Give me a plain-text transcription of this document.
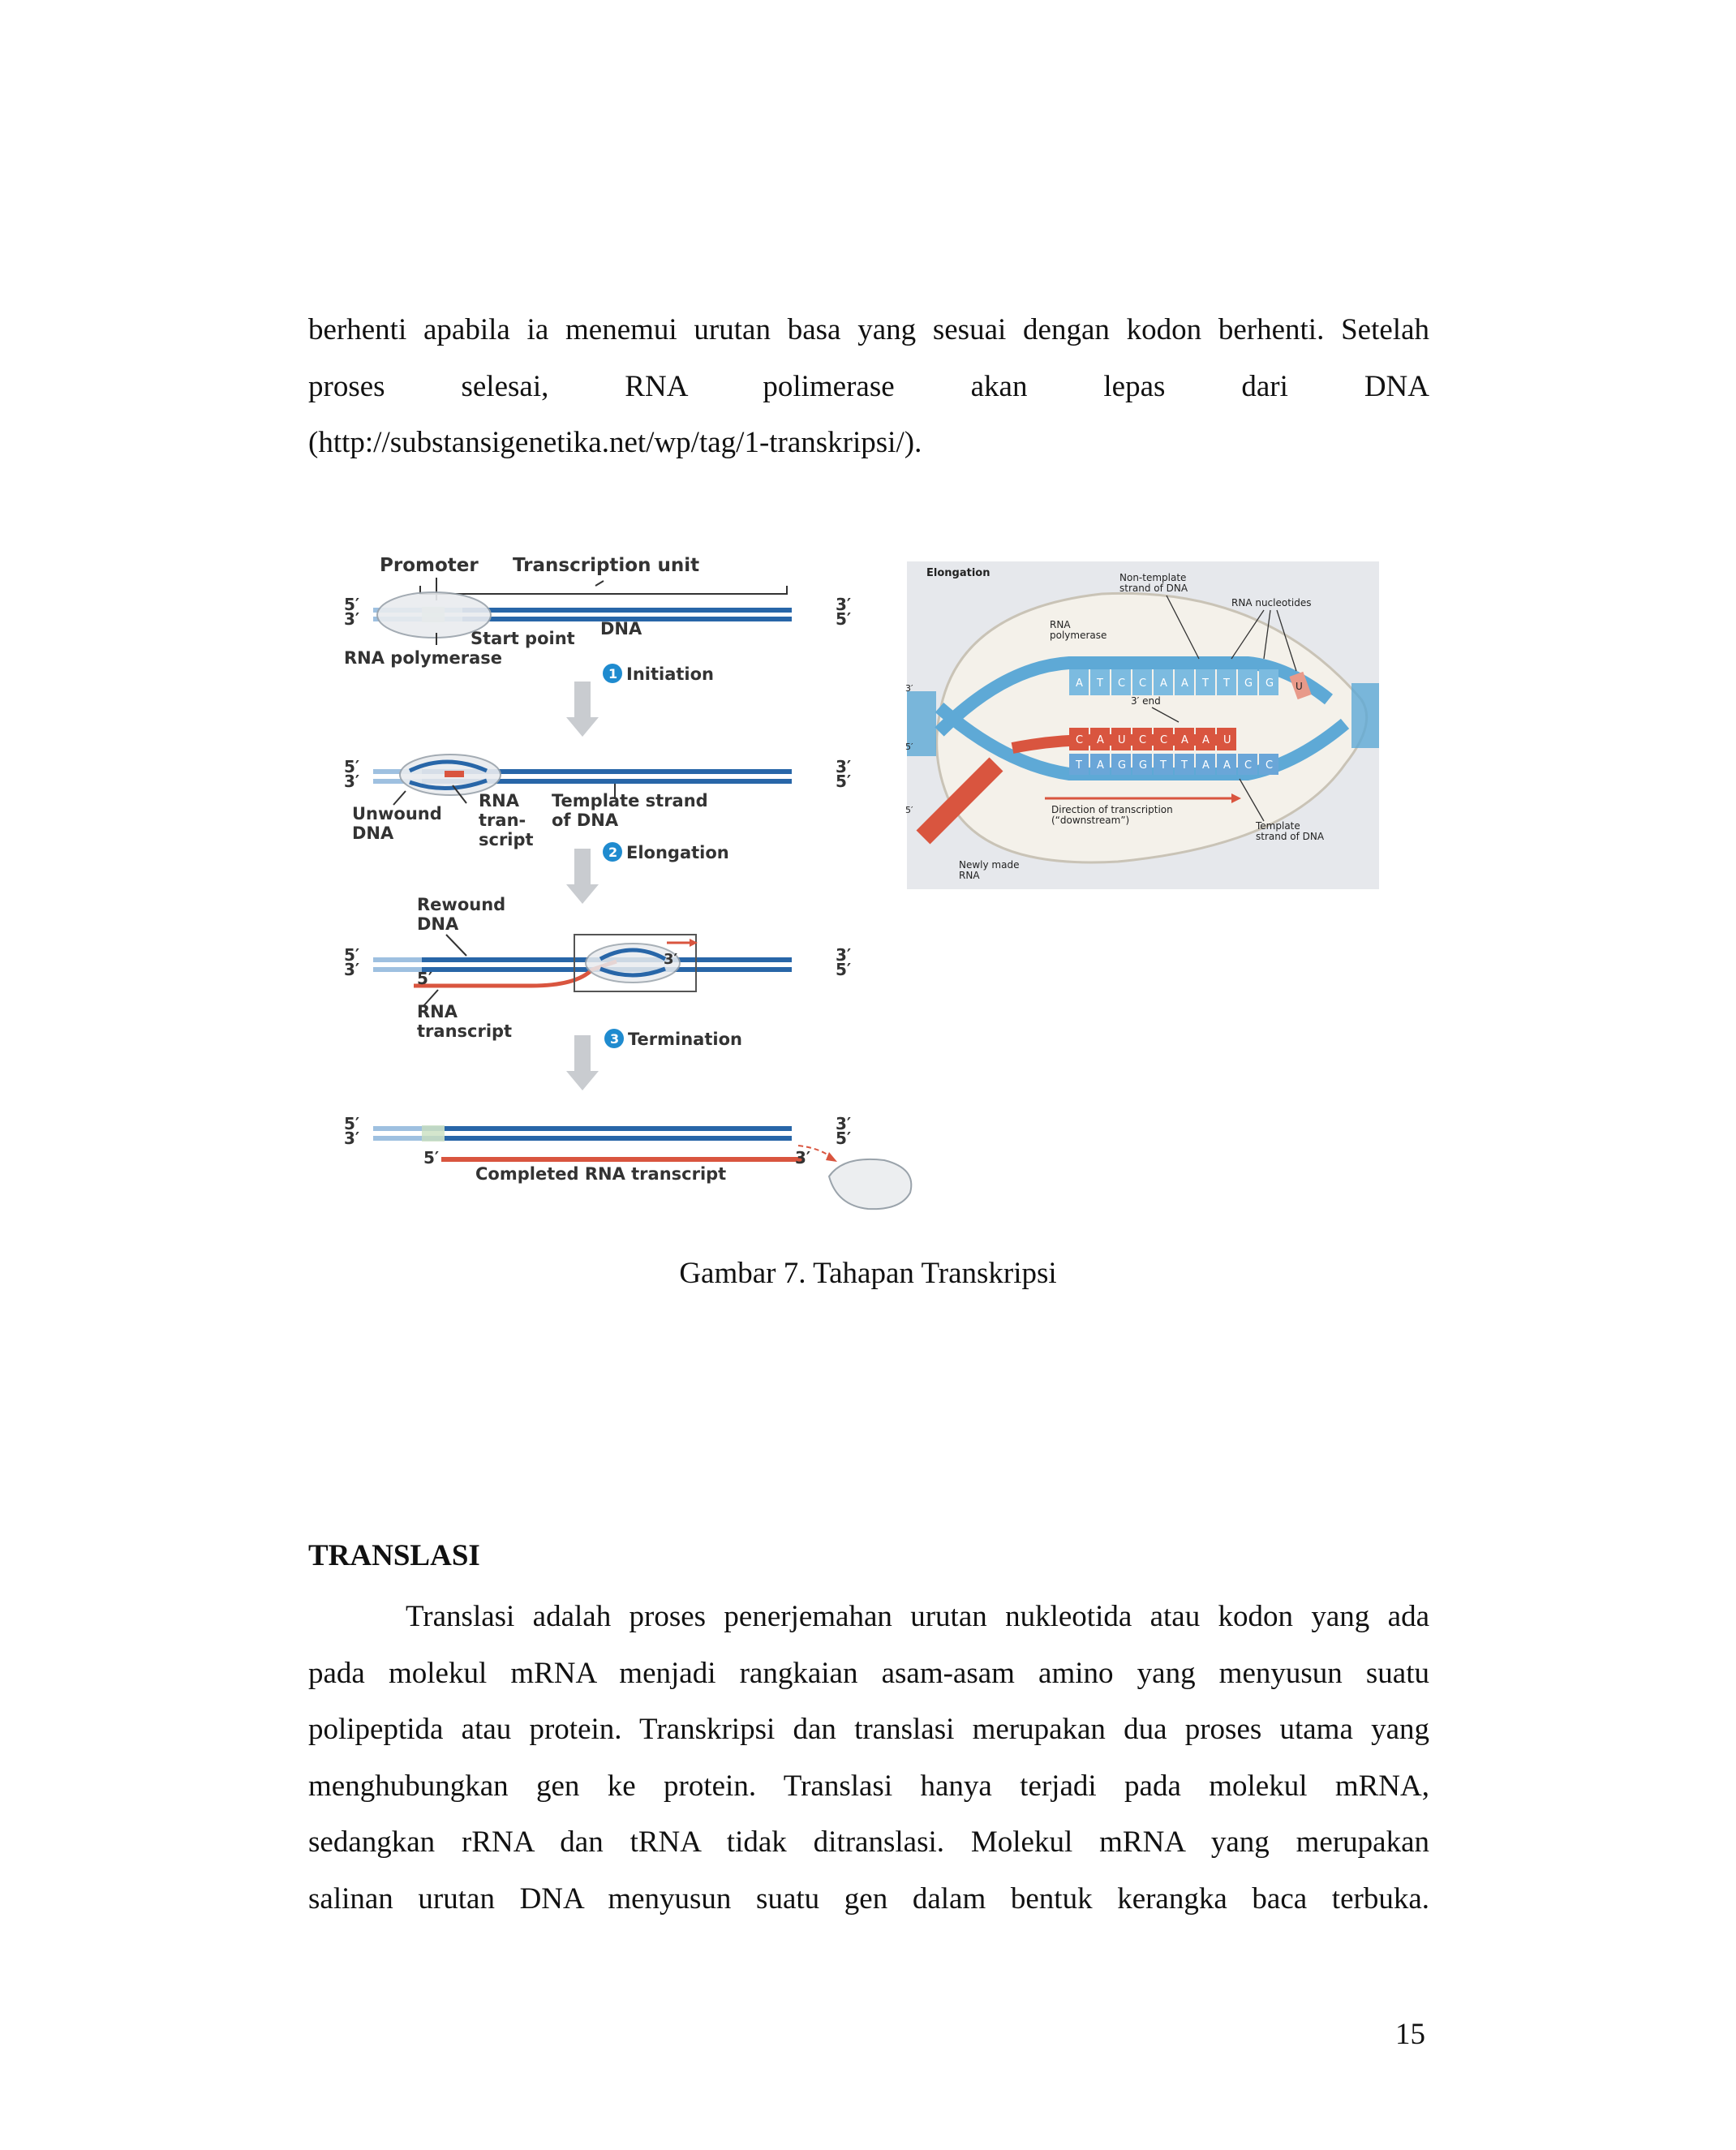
berhenti apabila ia menemui urutan basa yang sesuai dengan kodon berhenti. Setelah
proses selesai, RNA polimerase akan lepas dari DNA
(http://substansigenetika.net/wp/tag/1-transkripsi/).
Promoter Transcription unit
5′
3′
3′
5′
DNA
Start point
RNA polymerase
1 Initiation
5′
3′
3′
5′
Unwound
DNA
RNA
tran-
script
Template strand
of DNA
2 Elongation
Rewound
DNA
5′
3′
3′	3′
5′
5′
RNA
transcript	3 Termination
5′
3′
3′
5′
5′	3′
Completed RNA transcript
Elongation
A T C C A A T T G G
T A G G T T A A C C
C A U C C A A U
U
Non-template
strand of DNA
RNA nucleotides
RNA
polymerase
3′ end
Direction of transcription
(“downstream”)	Template
strand of DNA
Newly made
RNA
3′
5′
5′
Gambar 7. Tahapan Transkripsi
TRANSLASI
Translasi adalah proses penerjemahan urutan nukleotida atau kodon yang ada
pada molekul mRNA menjadi rangkaian asam-asam amino yang menyusun suatu
polipeptida atau protein. Transkripsi dan translasi merupakan dua proses utama yang
menghubungkan gen ke protein. Translasi hanya terjadi pada molekul mRNA,
sedangkan rRNA dan tRNA tidak ditranslasi. Molekul mRNA yang merupakan
salinan urutan DNA menyusun suatu gen dalam bentuk kerangka baca terbuka.
15
